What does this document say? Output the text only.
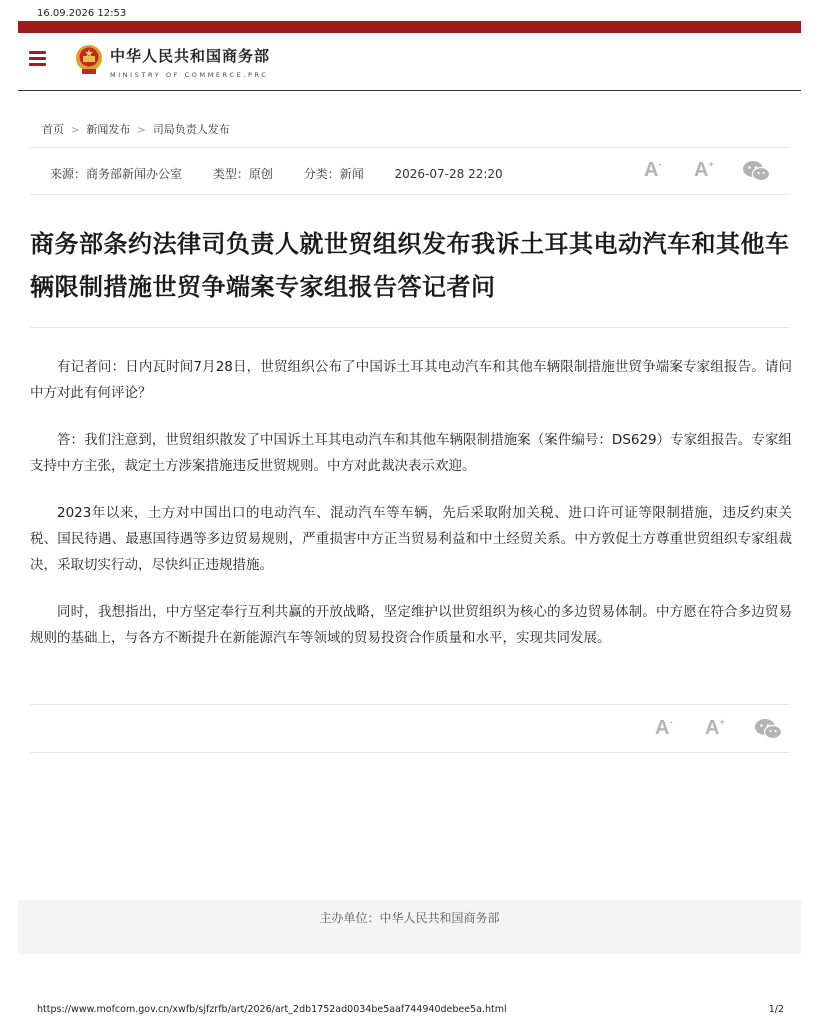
16.09.2026 12:53
中华人民共和国商务部
MINISTRY OF COMMERCE.PRC
首页 > 新闻发布 > 司局负责人发布
来源：商务部新闻办公室	类型：原创	分类：新闻	2026-07-28 22:20	A- A+
商务部条约法律司负责人就世贸组织发布我诉土耳其电动汽车和其他车辆限制措施世贸争端案专家组报告答记者问

有记者问：日内瓦时间7月28日，世贸组织公布了中国诉土耳其电动汽车和其他车辆限制措施世贸争端案专家组报告。请问中方对此有何评论？

答：我们注意到，世贸组织散发了中国诉土耳其电动汽车和其他车辆限制措施案（案件编号：DS629）专家组报告。专家组支持中方主张，裁定土方涉案措施违反世贸规则。中方对此裁决表示欢迎。

2023年以来，土方对中国出口的电动汽车、混动汽车等车辆，先后采取附加关税、进口许可证等限制措施，违反约束关税、国民待遇、最惠国待遇等多边贸易规则，严重损害中方正当贸易利益和中土经贸关系。中方敦促土方尊重世贸组织专家组裁决，采取切实行动，尽快纠正违规措施。

同时，我想指出，中方坚定奉行互利共赢的开放战略，坚定维护以世贸组织为核心的多边贸易体制。中方愿在符合多边贸易规则的基础上，与各方不断提升在新能源汽车等领域的贸易投资合作质量和水平，实现共同发展。

A- A+
主办单位：中华人民共和国商务部
https://www.mofcom.gov.cn/xwfb/sjfzrfb/art/2026/art_2db1752ad0034be5aaf744940debee5a.html	1/2
